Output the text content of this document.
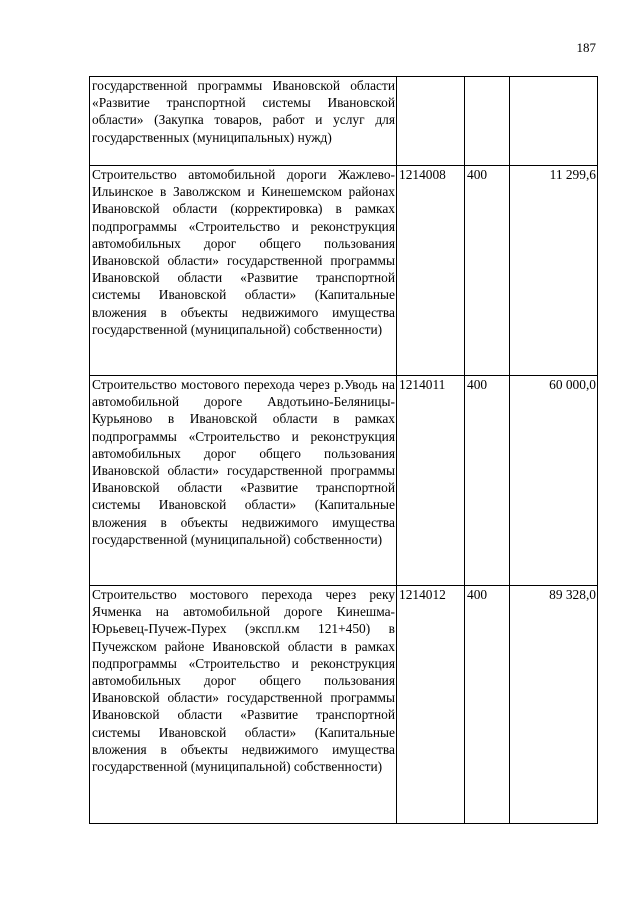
187
государственной программы Ивановской области «Развитие транспортной системы Ивановской области» (Закупка товаров, работ и услуг для государственных (муниципальных) нужд)			
Строительство автомобильной дороги Жажлево-Ильинское в Заволжском и Кинешемском районах Ивановской области (корректировка) в рамках подпрограммы «Строительство и реконструкция автомобильных дорог общего пользования Ивановской области» государственной программы Ивановской области «Развитие транспортной системы Ивановской области» (Капитальные вложения в объекты недвижимого имущества государственной (муниципальной) собственности)	1214008	400	11 299,6
Строительство мостового перехода через р.Уводь на автомобильной дороге Авдотьино-Беляницы-Курьяново в Ивановской области в рамках подпрограммы «Строительство и реконструкция автомобильных дорог общего пользования Ивановской области» государственной программы Ивановской области «Развитие транспортной системы Ивановской области» (Капитальные вложения в объекты недвижимого имущества государственной (муниципальной) собственности)	1214011	400	60 000,0
Строительство мостового перехода через реку Ячменка на автомобильной дороге Кинешма-Юрьевец-Пучеж-Пурех (экспл.км 121+450) в Пучежском районе Ивановской области в рамках подпрограммы «Строительство и реконструкция автомобильных дорог общего пользования Ивановской области» государственной программы Ивановской области «Развитие транспортной системы Ивановской области» (Капитальные вложения в объекты недвижимого имущества государственной (муниципальной) собственности)	1214012	400	89 328,0
